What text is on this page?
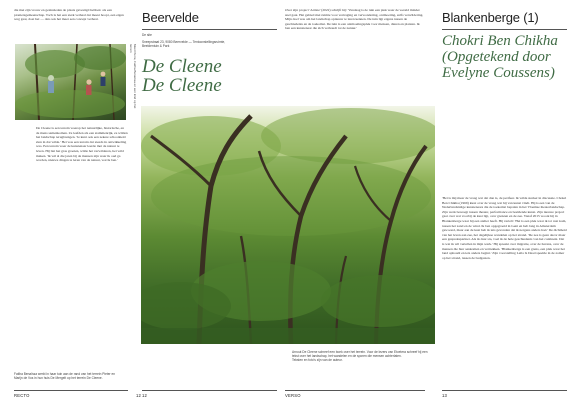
die met zijn vrouw en gezinsleden de plaats gevestigd hebben: als een pioniersgemeenschap. Toch is het een sterk verhaal dat meest hoopt, een eigen weg gaat, doet het — dan ook het meer een concept verhaal.
Meet Pierre, Fatiha Benaïssa en een kind op het terrein
De Cleene is een terrein waarop het natuurlijke, historische, en de mens samenkomen. Ze leefden als een stammenrijk, ze wilden het landschap terugbrengen. 'Je kunt ook een zekere schoonheid zien in dat wilde.' Het was een terrein dat steeds in ontwikkeling was. Een terrein waar de kunstenaar leerde met de natuur te leven. Hij liet het gras groeien, wilde het verwilderen, het wild maken. 'Ik wil al die jaren bij de mensen zijn waar ik oud ga worden, nieuwe dingen te leren van de natuur, wat ik ben.'
Fatiha Benaïssa werkt in haar tuin aan de rand van het terrein Pieter en Marijn de Vos in hun huis De Mergelt op het terrein De Cleene.
RECTO	12
Beervelde
De site
Sneepstraat 23, 9080 Beervelde — Tentoonstellingsruimte,
Beeldentuin & Park
De Cleene
De Cleene
12
Over zijn project 'Artiste' (2022) schrijft hij: 'Vandaag is de tuin een plek waar de wereld minder snel gaat. Het gebied met ruimte voor vertraging en verwondering, ontmoeting, zelfs verwildering. Mijn doel was om het landschap opnieuw te leren kennen. De tuin ligt ergens tussen de geschiedenis en de toekomst. De tuin is een ontmoetingsplek voor mensen, dieren en planten. Ik ben een kunstenaar die zich verhoudt tot de natuur.'
Arnout De Cleene schreef een boek over het terrein. Voor de lezers van Etcetera schreef hij een tekst over het landschap, het wandelen en de sporen die mensen achterlaten.
Teksten en foto's zijn van de auteur.
VERSO
Blankenberge (1)
Chokri Ben Chikha (Opgetekend door Evelyne Coussens)
'Het is mij meer de vraag wat dat dan is, de perifeer. Ik wilde sterker in discussie. Chokri Ben Chikha (1969) kiest over de vraag wat hij van kunst vindt. Hij is een van de Nederlandstalige kunstenaars die de toekomst bepalen in het Vlaamse theaterlandschap. Zijn werk beweegt tussen theater, performance en beeldende kunst. Zijn nieuwe project gaat over wat voorbij de kust ligt, over grenzen en de zee. Vanaf 2015 woont hij in Blankenberge waar hij een atelier heeft. Hij vertelt: 'Het is een plek waar ik tot rust kom, tussen het zand en de wind. Ik ben opgegroeid in Gent en heb lang in Amsterdam gewoond, maar aan de kust heb ik iets gevonden dat ik nergens anders had.' De dichtheid van het leven aan zee, het dagelijkse wandelen op het strand. 'De zee is geen decor maar een gesprekspartner. Als ik daar sta, voel ik de hele geschiedenis van het continent. Dat is wat ik wil vertellen in mijn werk.' Hij spreekt over migratie, over de havens, over de mensen die hier aankomen en vertrekken. 'Blankenberge is een grens, een plek waar het land ophoudt en iets anders begint.' Zijn voorstelling Leila Is Dead speelde in de zomer op het strand, tussen de badgasten.
13
